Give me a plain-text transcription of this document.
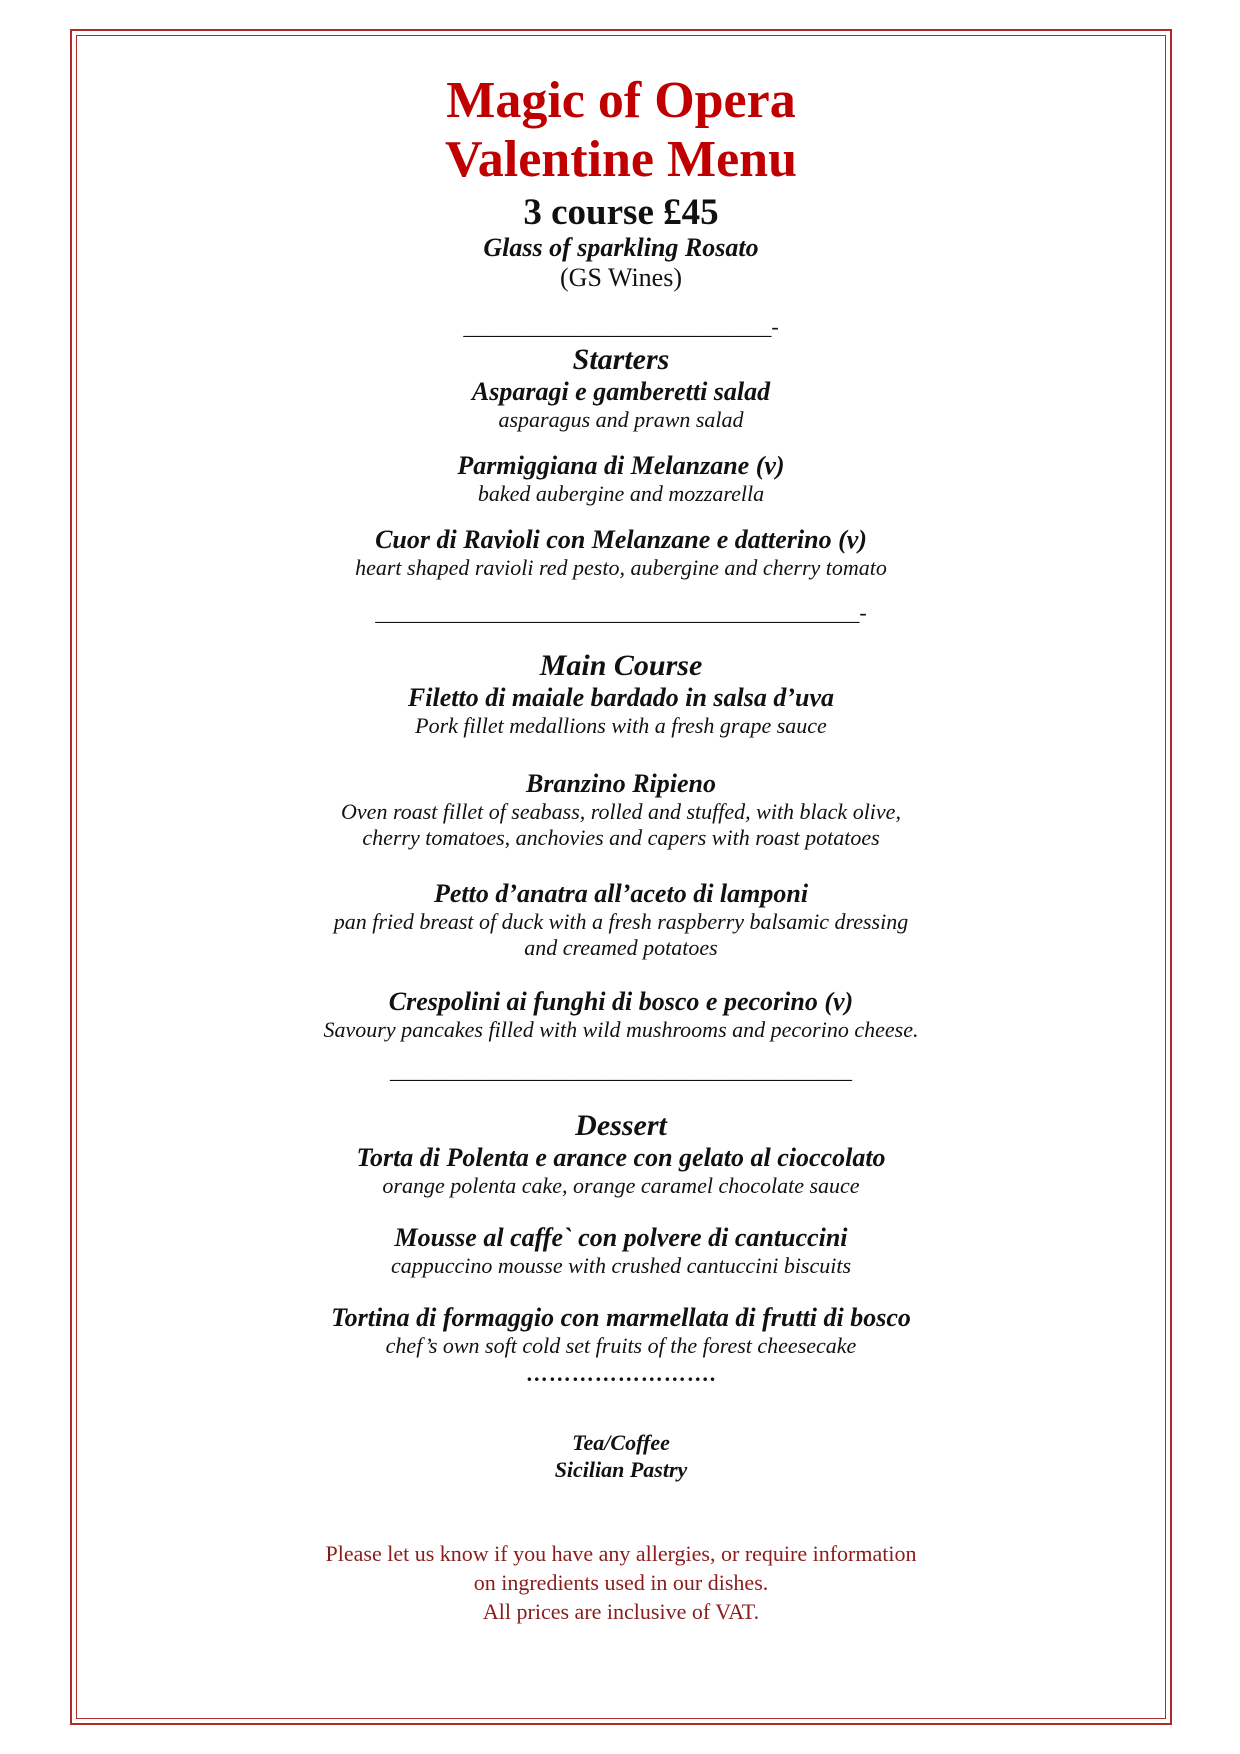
Magic of Opera
Valentine Menu
3 course £45
Glass of sparkling Rosato
(GS Wines)
____________________________-
Starters
Asparagi e gamberetti salad
asparagus and prawn salad
Parmiggiana di Melanzane (v)
baked aubergine and mozzarella
Cuor di Ravioli con Melanzane e datterino (v)
heart shaped ravioli red pesto, aubergine and cherry tomato
____________________________________________-
Main Course
Filetto di maiale bardado in salsa d’uva
Pork fillet medallions with a fresh grape sauce
Branzino Ripieno
Oven roast fillet of seabass, rolled and stuffed, with black olive,
cherry tomatoes, anchovies and capers with roast potatoes
Petto d’anatra all’aceto di lamponi
pan fried breast of duck with a fresh raspberry balsamic dressing
and creamed potatoes
Crespolini ai funghi di bosco e pecorino (v)
Savoury pancakes filled with wild mushrooms and pecorino cheese.
__________________________________________
Dessert
Torta di Polenta e arance con gelato al cioccolato
orange polenta cake, orange caramel chocolate sauce
Mousse al caffe` con polvere di cantuccini
cappuccino mousse with crushed cantuccini biscuits
Tortina di formaggio con marmellata di frutti di bosco
chef’s own soft cold set fruits of the forest cheesecake
…………………….
Tea/Coffee
Sicilian Pastry
Please let us know if you have any allergies, or require information
on ingredients used in our dishes.
All prices are inclusive of VAT.
